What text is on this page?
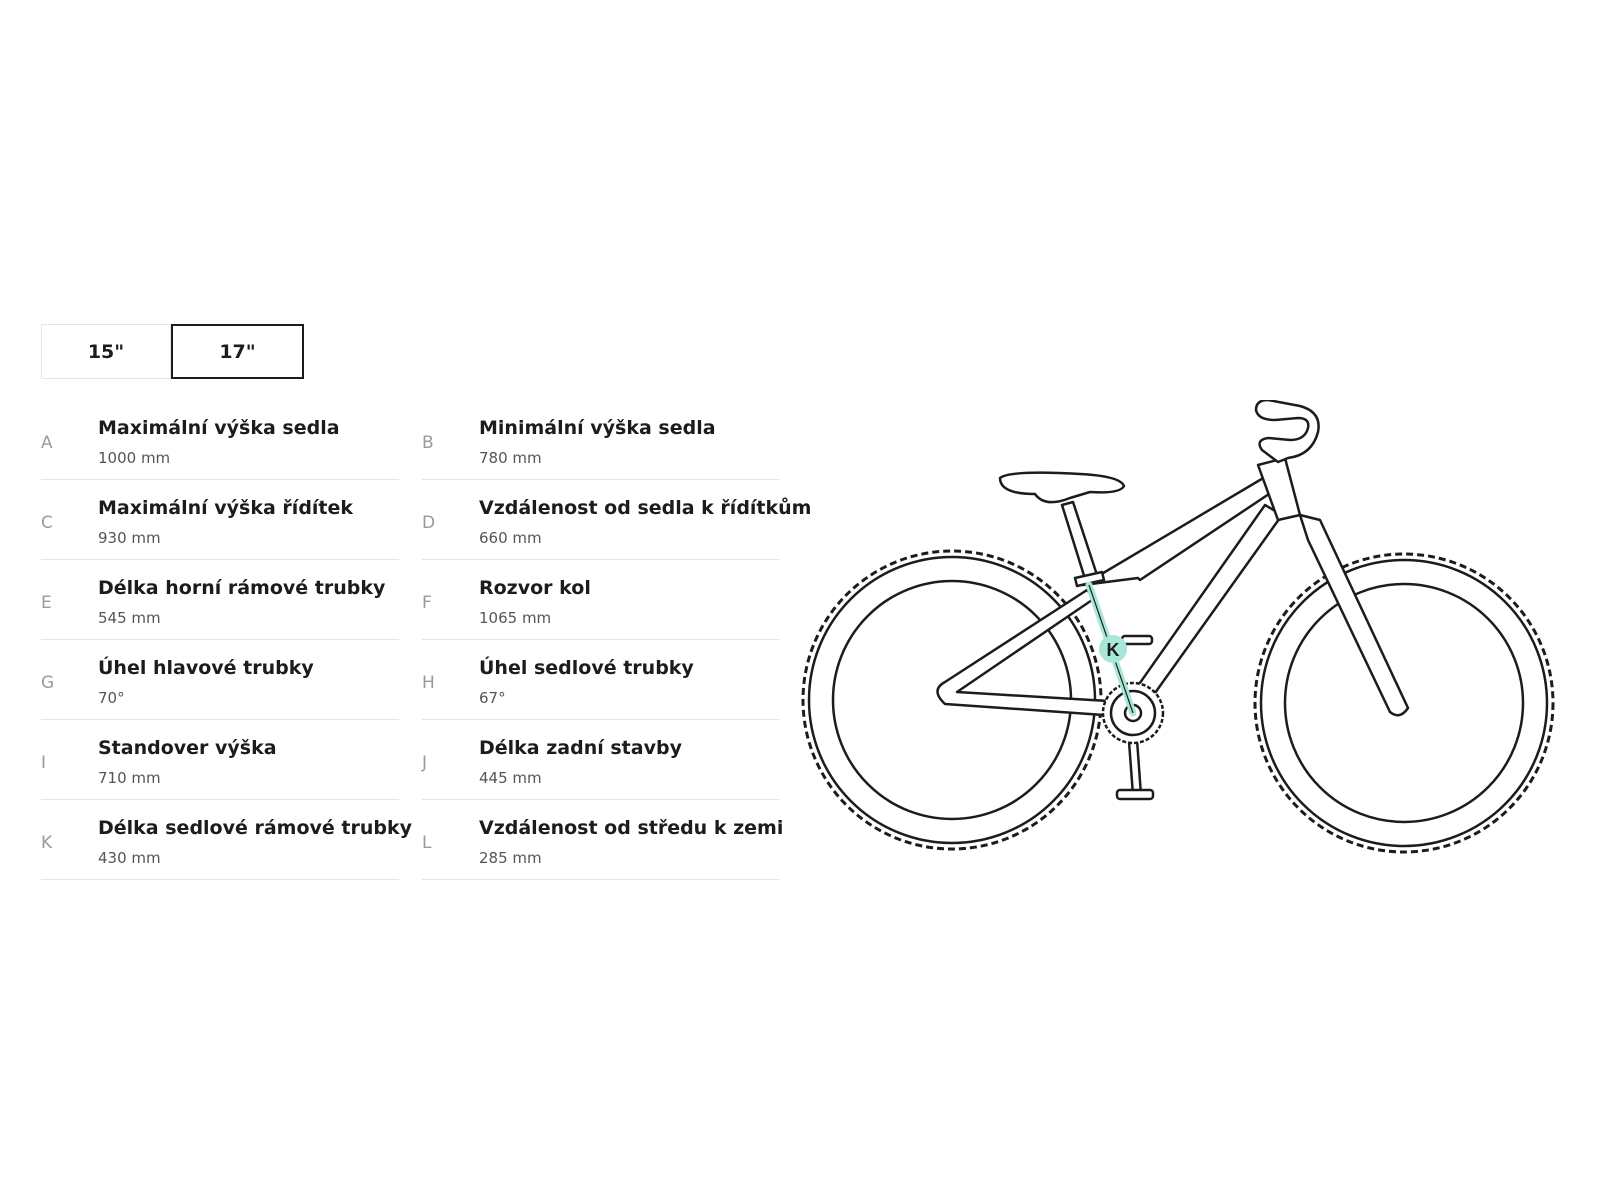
15"	17"
A
Maximální výška sedla
1000 mm
C
Maximální výška řídítek
930 mm
E
Délka horní rámové trubky
545 mm
G
Úhel hlavové trubky
70°
I
Standover výška
710 mm
K
Délka sedlové rámové trubky
430 mm
B
Minimální výška sedla
780 mm
D
Vzdálenost od sedla k řídítkům
660 mm
F
Rozvor kol
1065 mm
H
Úhel sedlové trubky
67°
J
Délka zadní stavby
445 mm
L
Vzdálenost od středu k zemi
285 mm
K
